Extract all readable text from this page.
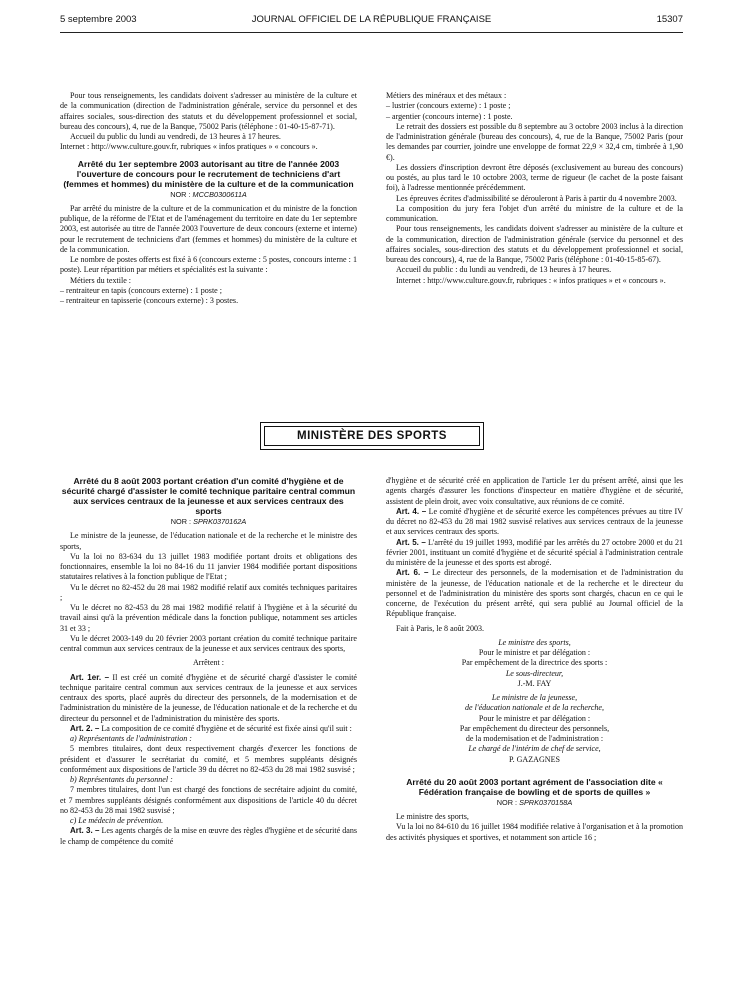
5 septembre 2003	JOURNAL OFFICIEL DE LA RÉPUBLIQUE FRANÇAISE	15307

Pour tous renseignements, les candidats doivent s'adresser au ministère de la culture et de la communication (direction de l'administration générale, service du personnel et des affaires sociales, sous-direction des statuts et du développement professionnel et social, bureau des concours), 4, rue de la Banque, 75002 Paris (téléphone : 01-40-15-87-71).

Accueil du public du lundi au vendredi, de 13 heures à 17 heures.

Internet : http://www.culture.gouv.fr, rubriques « infos pratiques » « concours ».

Arrêté du 1er septembre 2003 autorisant au titre de l'année 2003 l'ouverture de concours pour le recrutement de techniciens d'art (femmes et hommes) du ministère de la culture et de la communication
NOR : MCCB0300611A

Par arrêté du ministre de la culture et de la communication et du ministre de la fonction publique, de la réforme de l'Etat et de l'aménagement du territoire en date du 1er septembre 2003, est autorisée au titre de l'année 2003 l'ouverture de deux concours (externe et interne) pour le recrutement de techniciens d'art (femmes et hommes) du ministère de la culture et de la communication.

Le nombre de postes offerts est fixé à 6 (concours externe : 5 postes, concours interne : 1 poste). Leur répartition par métiers et spécialités est la suivante :

Métiers du textile :

– rentraiteur en tapis (concours externe) : 1 poste ;

– rentraiteur en tapisserie (concours externe) : 3 postes.

Métiers des minéraux et des métaux :

– lustrier (concours externe) : 1 poste ;

– argentier (concours interne) : 1 poste.

Le retrait des dossiers est possible du 8 septembre au 3 octobre 2003 inclus à la direction de l'administration générale (bureau des concours), 4, rue de la Banque, 75002 Paris (pour les demandes par courrier, joindre une enveloppe de format 22,9 × 32,4 cm, timbrée à 1,90 €).

Les dossiers d'inscription devront être déposés (exclusivement au bureau des concours) ou postés, au plus tard le 10 octobre 2003, terme de rigueur (le cachet de la poste faisant foi), à l'adresse mentionnée précédemment.

Les épreuves écrites d'admissibilité se dérouleront à Paris à partir du 4 novembre 2003.

La composition du jury fera l'objet d'un arrêté du ministre de la culture et de la communication.

Pour tous renseignements, les candidats doivent s'adresser au ministère de la culture et de la communication, direction de l'administration générale (service du personnel et des affaires sociales, sous-direction des statuts et du développement professionnel et social, bureau des concours), 4, rue de la Banque, 75002 Paris (téléphone : 01-40-15-85-67).

Accueil du public : du lundi au vendredi, de 13 heures à 17 heures.

Internet : http://www.culture.gouv.fr, rubriques : « infos pratiques » et « concours ».

MINISTÈRE DES SPORTS
Arrêté du 8 août 2003 portant création d'un comité d'hygiène et de sécurité chargé d'assister le comité technique paritaire central commun aux services centraux de la jeunesse et aux services centraux des sports
NOR : SPRK0370162A

Le ministre de la jeunesse, de l'éducation nationale et de la recherche et le ministre des sports,

Vu la loi no 83-634 du 13 juillet 1983 modifiée portant droits et obligations des fonctionnaires, ensemble la loi no 84-16 du 11 janvier 1984 modifiée portant dispositions statutaires relatives à la fonction publique de l'Etat ;

Vu le décret no 82-452 du 28 mai 1982 modifié relatif aux comités techniques paritaires ;

Vu le décret no 82-453 du 28 mai 1982 modifié relatif à l'hygiène et à la sécurité du travail ainsi qu'à la prévention médicale dans la fonction publique, notamment ses articles 31 et 33 ;

Vu le décret 2003-149 du 20 février 2003 portant création du comité technique paritaire central commun aux services centraux de la jeunesse et aux services centraux des sports,

Arrêtent :

Art. 1er. – Il est créé un comité d'hygiène et de sécurité chargé d'assister le comité technique paritaire central commun aux services centraux de la jeunesse et aux services centraux des sports, placé auprès du directeur des personnels, de la modernisation et de l'administration du ministère de la jeunesse, de l'éducation nationale et de la recherche et du directeur du personnel et de l'administration du ministère des sports.

Art. 2. – La composition de ce comité d'hygiène et de sécurité est fixée ainsi qu'il suit :

a) Représentants de l'administration :

5 membres titulaires, dont deux respectivement chargés d'exercer les fonctions de président et d'assurer le secrétariat du comité, et 5 membres suppléants désignés conformément aux dispositions de l'article 39 du décret no 82-453 du 28 mai 1982 susvisé ;

b) Représentants du personnel :

7 membres titulaires, dont l'un est chargé des fonctions de secrétaire adjoint du comité, et 7 membres suppléants désignés conformément aux dispositions de l'article 40 du décret no 82-453 du 28 mai 1982 susvisé ;

c) Le médecin de prévention.

Art. 3. – Les agents chargés de la mise en œuvre des règles d'hygiène et de sécurité dans le champ de compétence du comité

d'hygiène et de sécurité créé en application de l'article 1er du présent arrêté, ainsi que les agents chargés d'assurer les fonctions d'inspecteur en matière d'hygiène et de sécurité, assistent de plein droit, avec voix consultative, aux réunions de ce comité.

Art. 4. – Le comité d'hygiène et de sécurité exerce les compétences prévues au titre IV du décret no 82-453 du 28 mai 1982 susvisé relatives aux services centraux de la jeunesse et aux services centraux des sports.

Art. 5. – L'arrêté du 19 juillet 1993, modifié par les arrêtés du 27 octobre 2000 et du 21 février 2001, instituant un comité d'hygiène et de sécurité spécial à l'administration centrale du ministère de la jeunesse et des sports est abrogé.

Art. 6. – Le directeur des personnels, de la modernisation et de l'administration du ministère de la jeunesse, de l'éducation nationale et de la recherche et le directeur du personnel et de l'administration du ministère des sports sont chargés, chacun en ce qui le concerne, de l'exécution du présent arrêté, qui sera publié au Journal officiel de la République française.

Fait à Paris, le 8 août 2003.

Le ministre des sports,

Pour le ministre et par délégation :

Par empêchement de la directrice des sports :

Le sous-directeur,

J.-M. FAY

Le ministre de la jeunesse,

de l'éducation nationale et de la recherche,

Pour le ministre et par délégation :

Par empêchement du directeur des personnels,

de la modernisation et de l'administration :

Le chargé de l'intérim de chef de service,

P. GAZAGNES

Arrêté du 20 août 2003 portant agrément de l'association dite « Fédération française de bowling et de sports de quilles »
NOR : SPRK0370158A

Le ministre des sports,

Vu la loi no 84-610 du 16 juillet 1984 modifiée relative à l'organisation et à la promotion des activités physiques et sportives, et notamment son article 16 ;
